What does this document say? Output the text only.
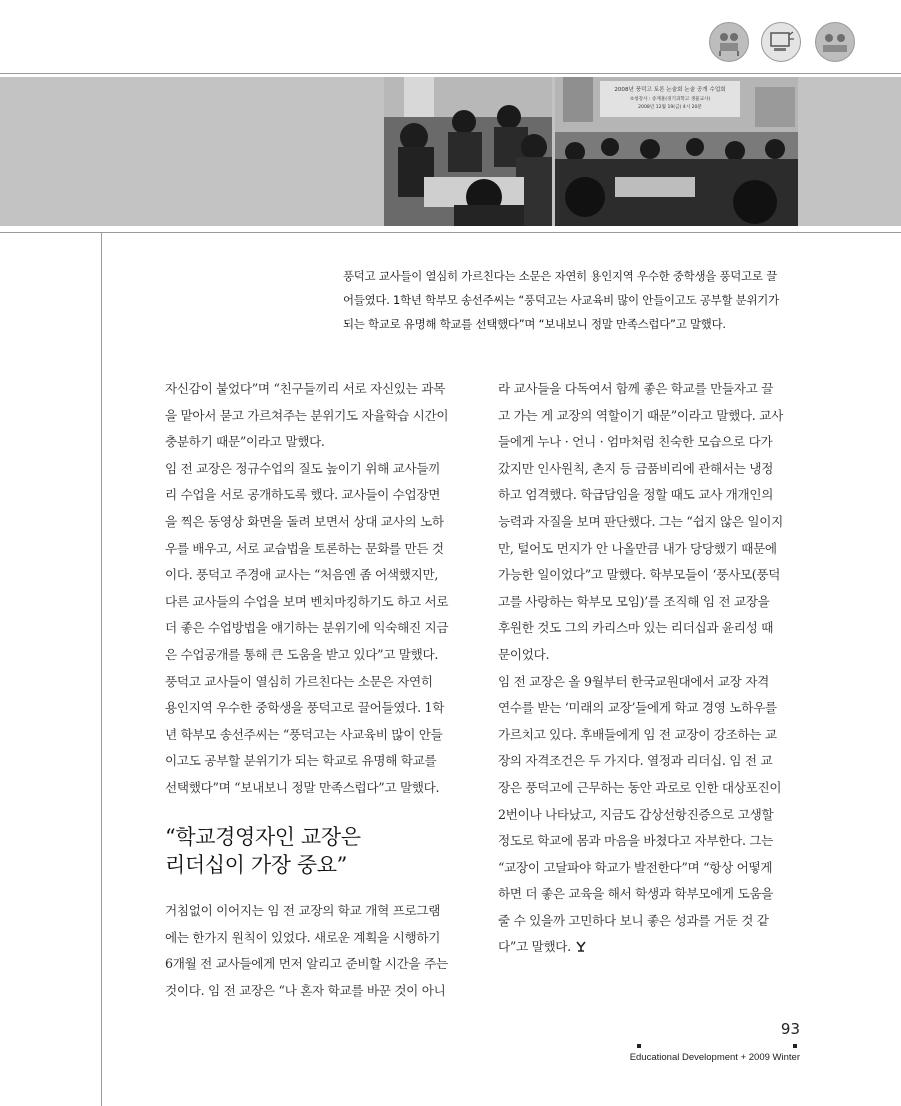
2008년 풍덕고 토론 논술회 논술 공개 수업회
초청강사 : 송재훈(경기과학고 생물교사)
2008년 12월 19(금) 4시 20분

풍덕고 교사들이 열심히 가르친다는 소문은 자연히 용인지역 우수한 중학생을 풍덕고로 끌

어들였다. 1학년 학부모 송선주씨는 “풍덕고는 사교육비 많이 안들이고도 공부할 분위기가

되는 학교로 유명해 학교를 선택했다”며 “보내보니 정말 만족스럽다”고 말했다.

자신감이 붙었다”며 “친구들끼리 서로 자신있는 과목

을 맡아서 묻고 가르쳐주는 분위기도 자율학습 시간이

충분하기 때문”이라고 말했다.

임 전 교장은 정규수업의 질도 높이기 위해 교사들끼

리 수업을 서로 공개하도록 했다. 교사들이 수업장면

을 찍은 동영상 화면을 돌려 보면서 상대 교사의 노하

우를 배우고, 서로 교습법을 토론하는 문화를 만든 것

이다. 풍덕고 주경애 교사는 “처음엔 좀 어색했지만,

다른 교사들의 수업을 보며 벤치마킹하기도 하고 서로

더 좋은 수업방법을 얘기하는 분위기에 익숙해진 지금

은 수업공개를 통해 큰 도움을 받고 있다”고 말했다.

풍덕고 교사들이 열심히 가르친다는 소문은 자연히

용인지역 우수한 중학생을 풍덕고로 끌어들였다. 1학

년 학부모 송선주씨는 “풍덕고는 사교육비 많이 안들

이고도 공부할 분위기가 되는 학교로 유명해 학교를

선택했다”며 “보내보니 정말 만족스럽다”고 말했다.

“학교경영자인 교장은

리더십이 가장 중요”

거침없이 이어지는 임 전 교장의 학교 개혁 프로그램

에는 한가지 원칙이 있었다. 새로운 계획을 시행하기

6개월 전 교사들에게 먼저 알리고 준비할 시간을 주는

것이다. 임 전 교장은 “나 혼자 학교를 바꾼 것이 아니

라 교사들을 다독여서 함께 좋은 학교를 만들자고 끌

고 가는 게 교장의 역할이기 때문”이라고 말했다. 교사

들에게 누나 · 언니 · 엄마처럼 친숙한 모습으로 다가

갔지만 인사원칙, 촌지 등 금품비리에 관해서는 냉정

하고 엄격했다. 학급담임을 정할 때도 교사 개개인의

능력과 자질을 보며 판단했다. 그는 “쉽지 않은 일이지

만, 털어도 먼지가 안 나올만큼 내가 당당했기 때문에

가능한 일이었다”고 말했다. 학부모들이 ‘풍사모(풍덕

고를 사랑하는 학부모 모임)’를 조직해 임 전 교장을

후원한 것도 그의 카리스마 있는 리더십과 윤리성 때

문이었다.

임 전 교장은 올 9월부터 한국교원대에서 교장 자격

연수를 받는 ‘미래의 교장’들에게 학교 경영 노하우를

가르치고 있다. 후배들에게 임 전 교장이 강조하는 교

장의 자격조건은 두 가지다. 열정과 리더십. 임 전 교

장은 풍덕고에 근무하는 동안 과로로 인한 대상포진이

2번이나 나타났고, 지금도 갑상선항진증으로 고생할

정도로 학교에 몸과 마음을 바쳤다고 자부한다. 그는

“교장이 고달파야 학교가 발전한다”며 “항상 어떻게

하면 더 좋은 교육을 해서 학생과 학부모에게 도움을

줄 수 있을까 고민하다 보니 좋은 성과를 거둔 것 같

다”고 말했다.

93
Educational Development + 2009 Winter
